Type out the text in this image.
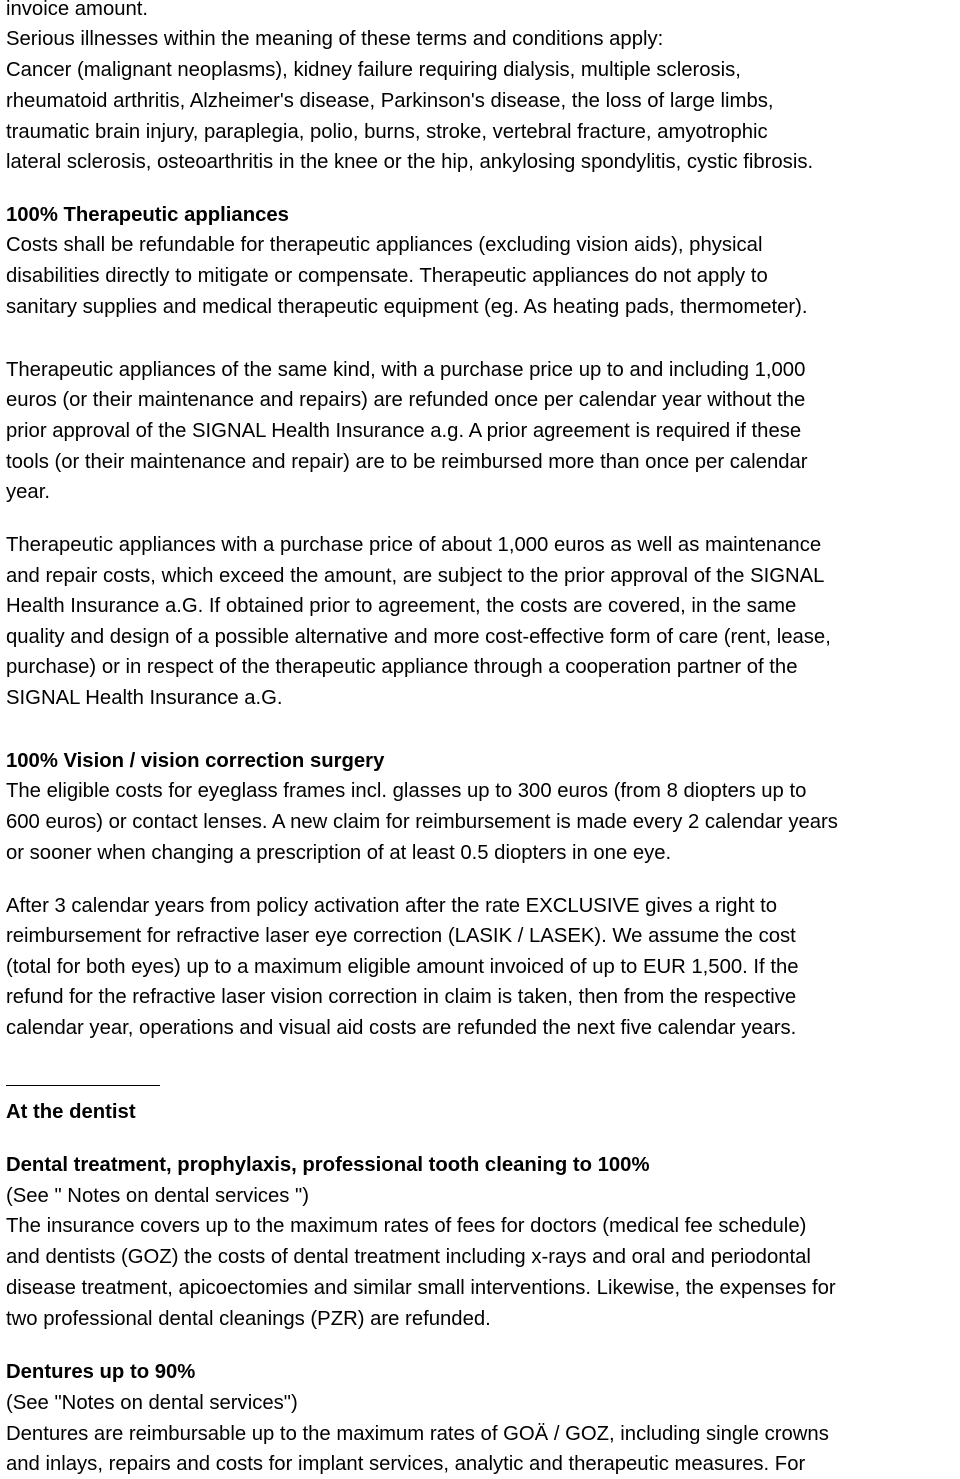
invoice amount.
Serious illnesses within the meaning of these terms and conditions apply:
Cancer (malignant neoplasms), kidney failure requiring dialysis, multiple sclerosis,
rheumatoid arthritis, Alzheimer's disease, Parkinson's disease, the loss of large limbs,
traumatic brain injury, paraplegia, polio, burns, stroke, vertebral fracture, amyotrophic
lateral sclerosis, osteoarthritis in the knee or the hip, ankylosing spondylitis, cystic fibrosis.
100% Therapeutic appliances
Costs shall be refundable for therapeutic appliances (excluding vision aids), physical
disabilities directly to mitigate or compensate. Therapeutic appliances do not apply to
sanitary supplies and medical therapeutic equipment (eg. As heating pads, thermometer).
Therapeutic appliances of the same kind, with a purchase price up to and including 1,000
euros (or their maintenance and repairs) are refunded once per calendar year without the
prior approval of the SIGNAL Health Insurance a.g. A prior agreement is required if these
tools (or their maintenance and repair) are to be reimbursed more than once per calendar
year.
Therapeutic appliances with a purchase price of about 1,000 euros as well as maintenance
and repair costs, which exceed the amount, are subject to the prior approval of the SIGNAL
Health Insurance a.G. If obtained prior to agreement, the costs are covered, in the same
quality and design of a possible alternative and more cost-effective form of care (rent, lease,
purchase) or in respect of the therapeutic appliance through a cooperation partner of the
SIGNAL Health Insurance a.G.
100% Vision / vision correction surgery
The eligible costs for eyeglass frames incl. glasses up to 300 euros (from 8 diopters up to
600 euros) or contact lenses. A new claim for reimbursement is made every 2 calendar years
or sooner when changing a prescription of at least 0.5 diopters in one eye.
After 3 calendar years from policy activation after the rate EXCLUSIVE gives a right to
reimbursement for refractive laser eye correction (LASIK / LASEK). We assume the cost
(total for both eyes) up to a maximum eligible amount invoiced of up to EUR 1,500. If the
refund for the refractive laser vision correction in claim is taken, then from the respective
calendar year, operations and visual aid costs are refunded the next five calendar years.
At the dentist
Dental treatment, prophylaxis, professional tooth cleaning to 100%
(See " Notes on dental services ")
The insurance covers up to the maximum rates of fees for doctors (medical fee schedule)
and dentists (GOZ) the costs of dental treatment including x-rays and oral and periodontal
disease treatment, apicoectomies and similar small interventions. Likewise, the expenses for
two professional dental cleanings (PZR) are refunded.
Dentures up to 90%
(See "Notes on dental services")
Dentures are reimbursable up to the maximum rates of GOÄ / GOZ, including single crowns
and inlays, repairs and costs for implant services, analytic and therapeutic measures. For
